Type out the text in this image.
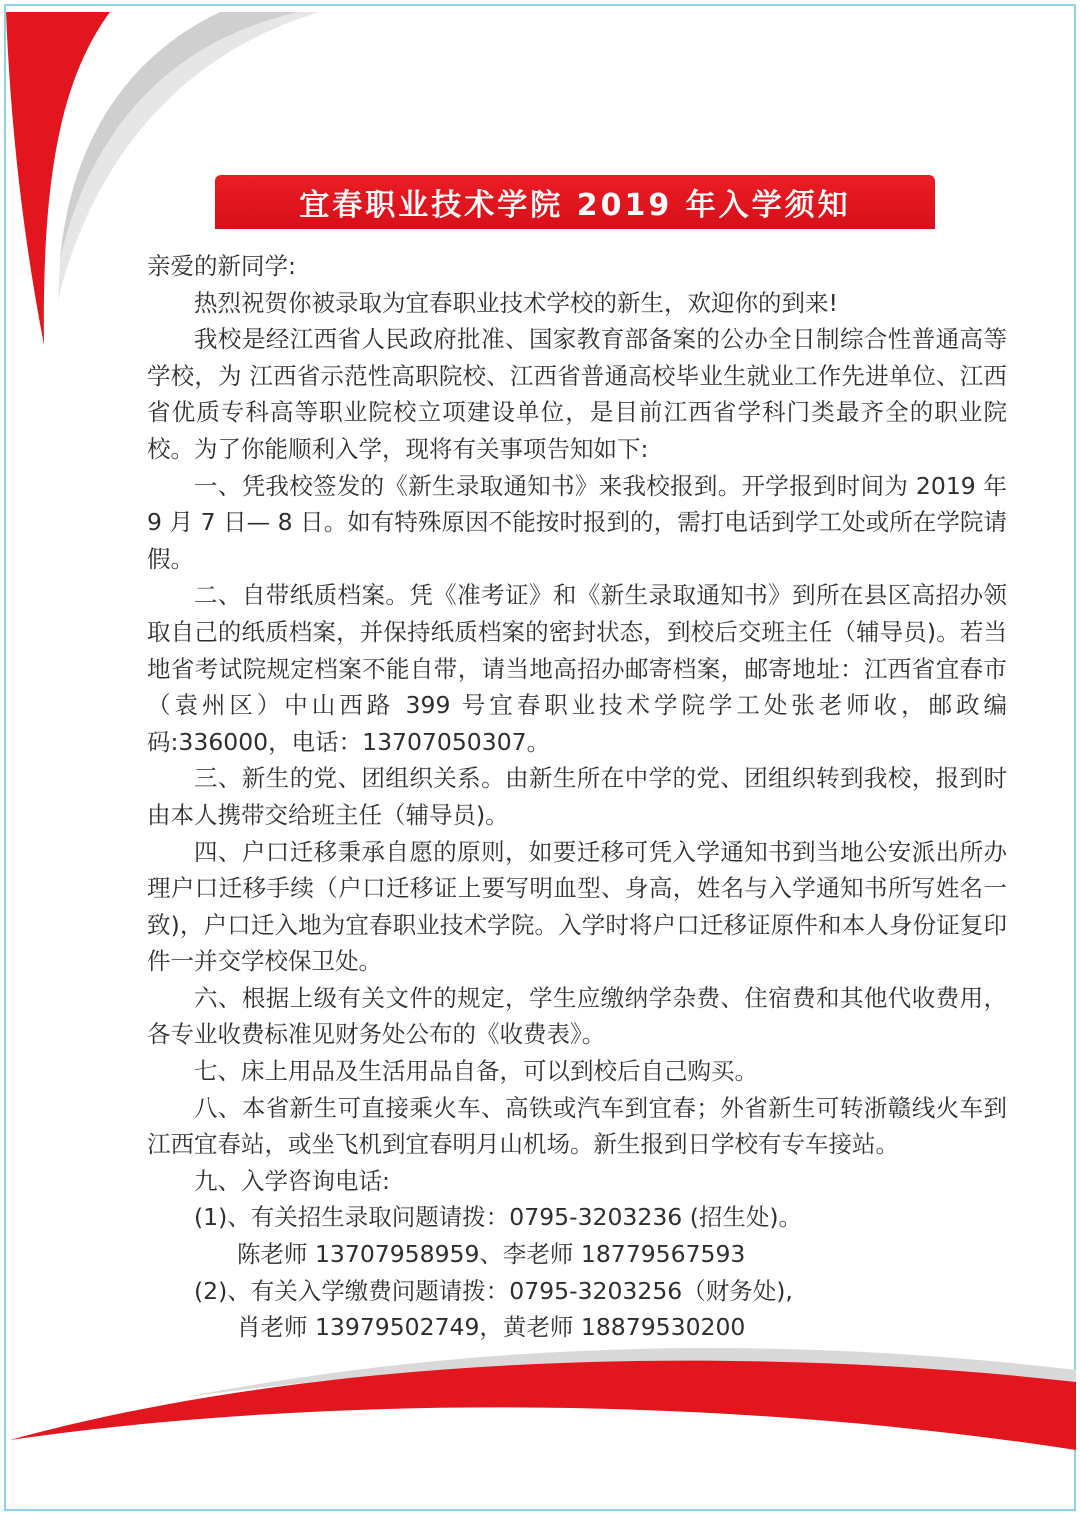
宜春职业技术学院 2019 年入学须知

亲爱的新同学:

热烈祝贺你被录取为宜春职业技术学校的新生，欢迎你的到来!

我校是经江西省人民政府批准、国家教育部备案的公办全日制综合性普通高等学校，为 江西省示范性高职院校、江西省普通高校毕业生就业工作先进单位、江西省优质专科高等职业院校立项建设单位，是目前江西省学科门类最齐全的职业院校。为了你能顺利入学，现将有关事项告知如下:

一、凭我校签发的《新生录取通知书》来我校报到。开学报到时间为 2019 年 9 月 7 日— 8 日。如有特殊原因不能按时报到的，需打电话到学工处或所在学院请假。

二、自带纸质档案。凭《准考证》和《新生录取通知书》到所在县区高招办领取自己的纸质档案，并保持纸质档案的密封状态，到校后交班主任（辅导员)。若当地省考试院规定档案不能自带，请当地高招办邮寄档案，邮寄地址：江西省宜春市（袁州区）中山西路 399 号宜春职业技术学院学工处张老师收，邮政编码:336000，电话：13707050307。

三、新生的党、团组织关系。由新生所在中学的党、团组织转到我校，报到时由本人携带交给班主任（辅导员)。

四、户口迁移秉承自愿的原则，如要迁移可凭入学通知书到当地公安派出所办理户口迁移手续（户口迁移证上要写明血型、身高，姓名与入学通知书所写姓名一致)，户口迁入地为宜春职业技术学院。入学时将户口迁移证原件和本人身份证复印件一并交学校保卫处。

六、根据上级有关文件的规定，学生应缴纳学杂费、住宿费和其他代收费用，各专业收费标准见财务处公布的《收费表》。

七、床上用品及生活用品自备，可以到校后自己购买。

八、本省新生可直接乘火车、高铁或汽车到宜春；外省新生可转浙赣线火车到江西宜春站，或坐飞机到宜春明月山机场。新生报到日学校有专车接站。

九、入学咨询电话:

(1)、有关招生录取问题请拨：0795-3203236 (招生处)。

陈老师 13707958959、李老师 18779567593

(2)、有关入学缴费问题请拨：0795-3203256（财务处),

肖老师 13979502749，黄老师 18879530200
